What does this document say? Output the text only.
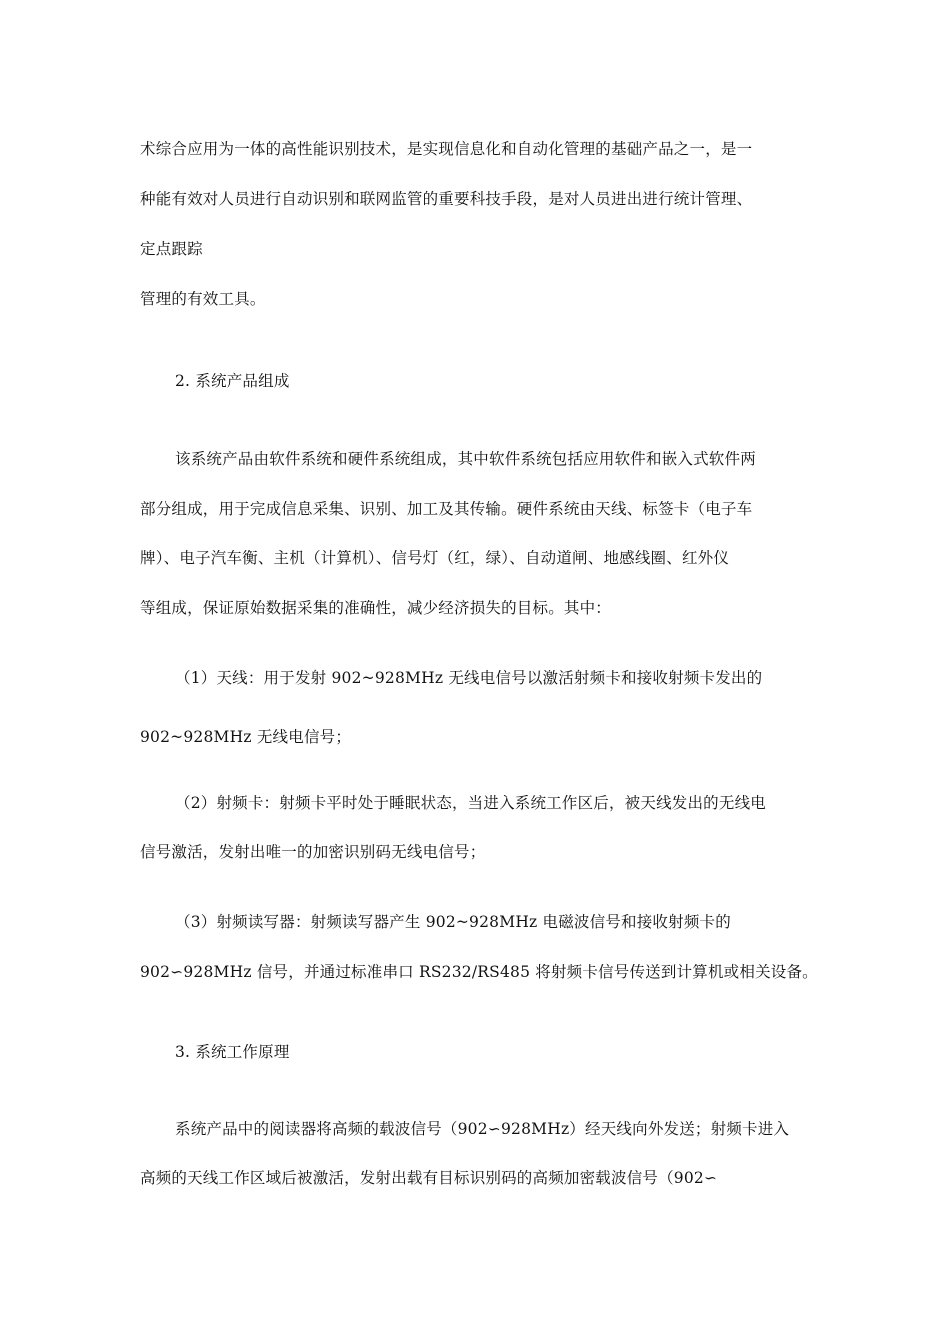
术综合应用为一体的高性能识别技术，是实现信息化和自动化管理的基础产品之一，是一
种能有效对人员进行自动识别和联网监管的重要科技手段，是对人员进出进行统计管理、
定点跟踪
管理的有效工具。
2. 系统产品组成
该系统产品由软件系统和硬件系统组成，其中软件系统包括应用软件和嵌入式软件两
部分组成，用于完成信息采集、识别、加工及其传输。硬件系统由天线、标签卡（电子车
牌）、电子汽车衡、主机（计算机）、信号灯（红，绿）、自动道闸、地感线圈、红外仪
等组成，保证原始数据采集的准确性，减少经济损失的目标。其中：
（1）天线：用于发射 902~928MHz 无线电信号以激活射频卡和接收射频卡发出的
902~928MHz 无线电信号；
（2）射频卡：射频卡平时处于睡眠状态，当进入系统工作区后，被天线发出的无线电
信号激活，发射出唯一的加密识别码无线电信号；
（3）射频读写器：射频读写器产生 902~928MHz 电磁波信号和接收射频卡的
902∽928MHz 信号，并通过标准串口 RS232/RS485 将射频卡信号传送到计算机或相关设备。
3. 系统工作原理
系统产品中的阅读器将高频的载波信号（902∽928MHz）经天线向外发送；射频卡进入
高频的天线工作区域后被激活，发射出载有目标识别码的高频加密载波信号（902∽
